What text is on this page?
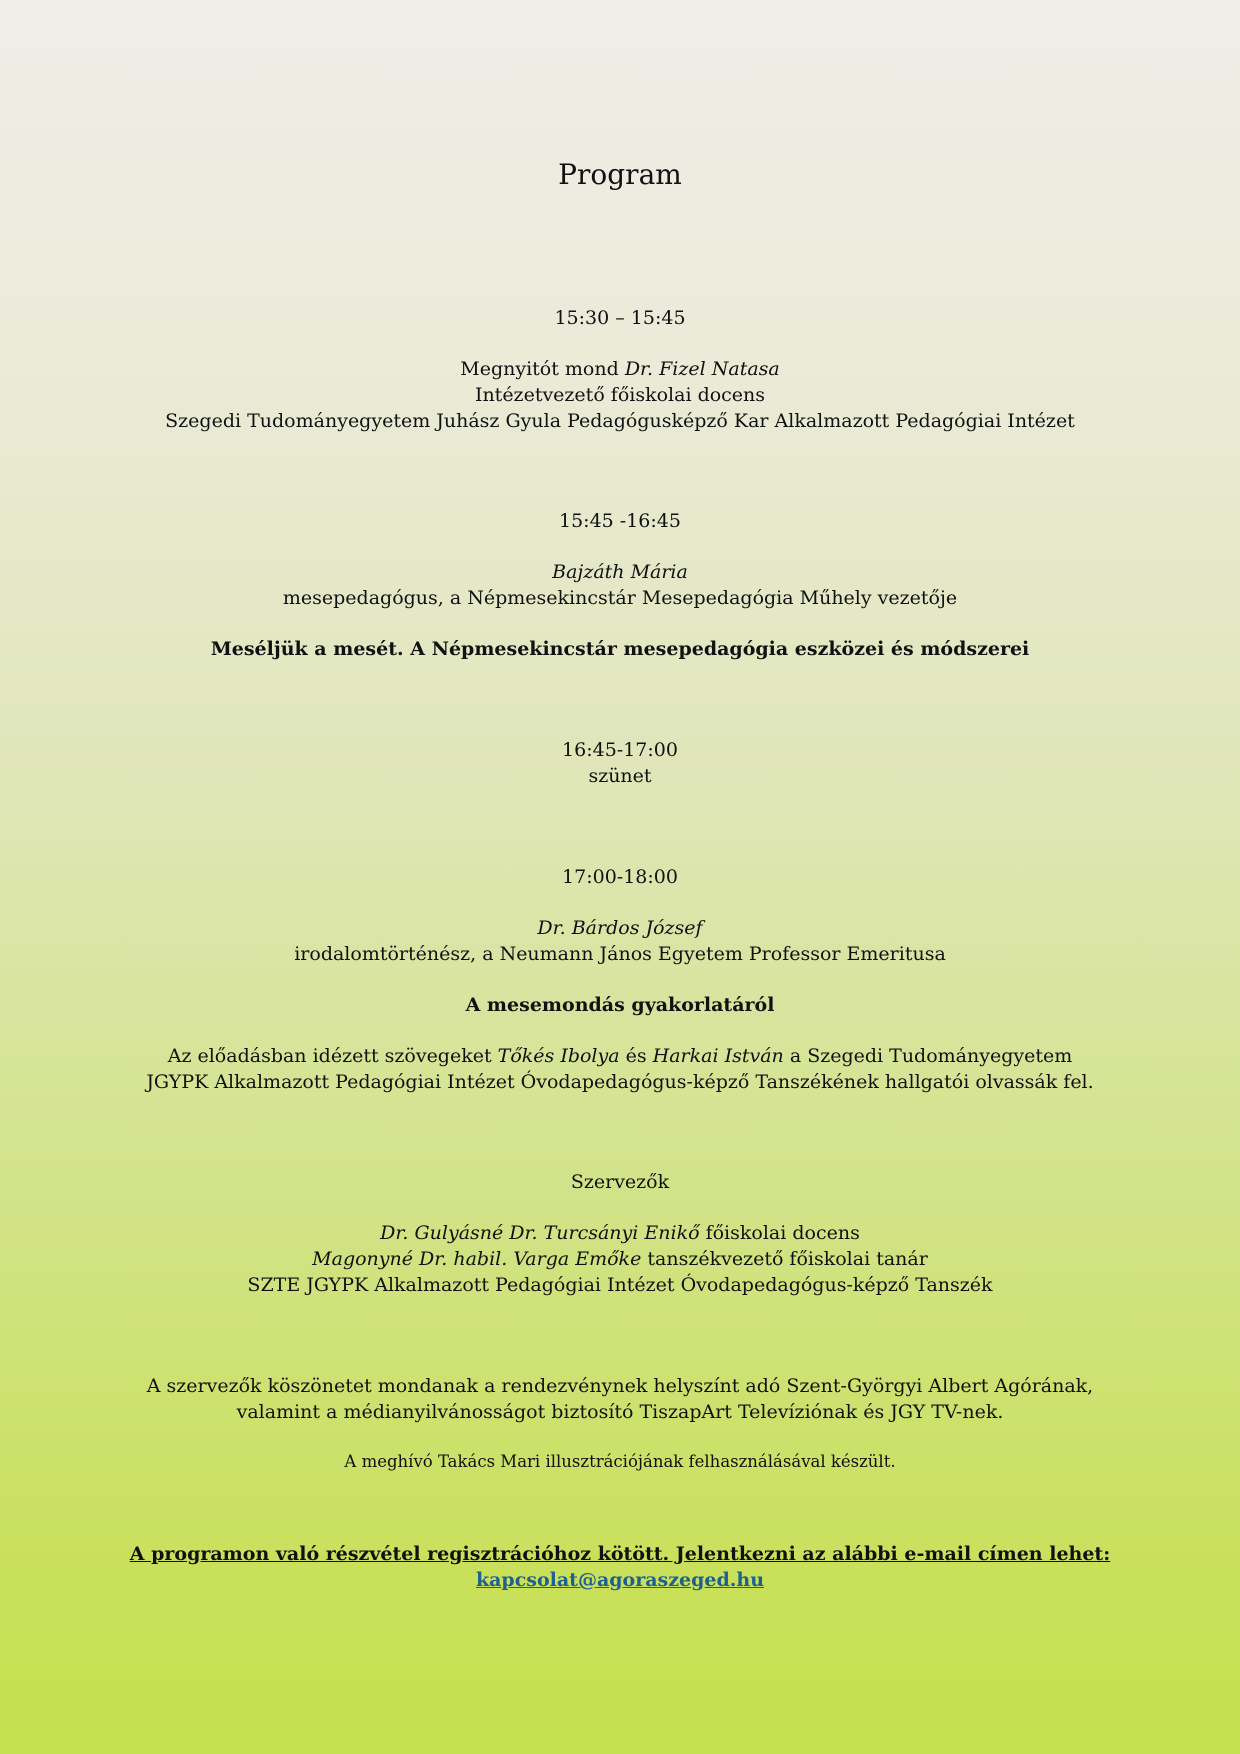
Program
15:30 – 15:45
Megnyitót mond Dr. Fizel Natasa
Intézetvezető főiskolai docens
Szegedi Tudományegyetem Juhász Gyula Pedagógusképző Kar Alkalmazott Pedagógiai Intézet
15:45 -16:45
Bajzáth Mária
mesepedagógus, a Népmesekincstár Mesepedagógia Műhely vezetője
Meséljük a mesét. A Népmesekincstár mesepedagógia eszközei és módszerei
16:45-17:00
szünet
17:00-18:00
Dr. Bárdos József
irodalomtörténész, a Neumann János Egyetem Professor Emeritusa
A mesemondás gyakorlatáról
Az előadásban idézett szövegeket Tőkés Ibolya és Harkai István a Szegedi Tudományegyetem
JGYPK Alkalmazott Pedagógiai Intézet Óvodapedagógus-képző Tanszékének hallgatói olvassák fel.
Szervezők
Dr. Gulyásné Dr. Turcsányi Enikő főiskolai docens
Magonyné Dr. habil. Varga Emőke tanszékvezető főiskolai tanár
SZTE JGYPK Alkalmazott Pedagógiai Intézet Óvodapedagógus-képző Tanszék
A szervezők köszönetet mondanak a rendezvénynek helyszínt adó Szent-Györgyi Albert Agórának,
valamint a médianyilvánosságot biztosító TiszapArt Televíziónak és JGY TV-nek.
A meghívó Takács Mari illusztrációjának felhasználásával készült.
A programon való részvétel regisztrációhoz kötött. Jelentkezni az alábbi e-mail címen lehet:
kapcsolat@agoraszeged.hu
